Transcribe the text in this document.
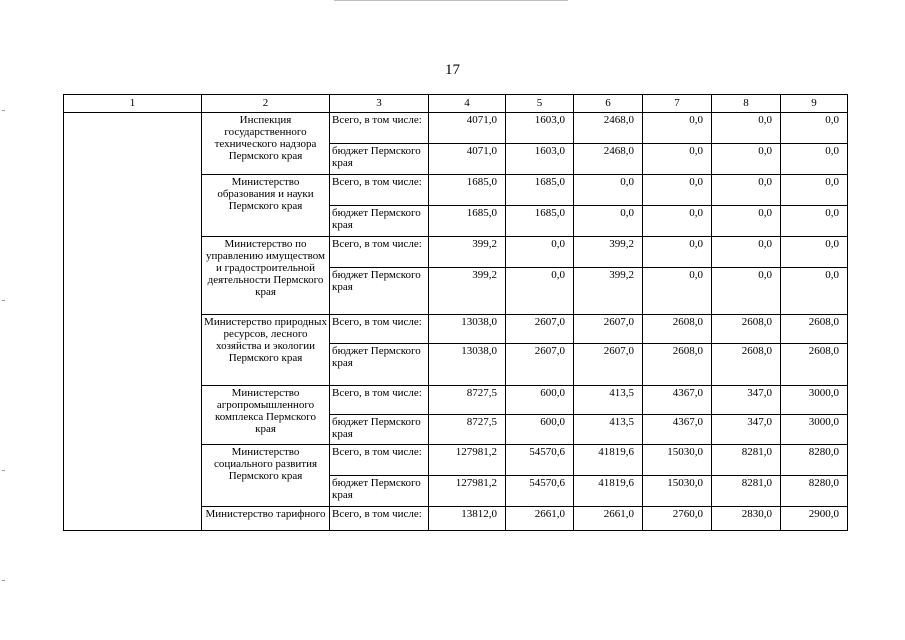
17
1	2	3	4	5	6	7	8	9
	Инспекция государственного технического надзора Пермского края	Всего, в том числе:	4071,0	1603,0	2468,0	0,0	0,0	0,0
		бюджет Пермского края	4071,0	1603,0	2468,0	0,0	0,0	0,0
	Министерство образования и науки Пермского края	Всего, в том числе:	1685,0	1685,0	0,0	0,0	0,0	0,0
		бюджет Пермского края	1685,0	1685,0	0,0	0,0	0,0	0,0
	Министерство по управлению имуществом и градостроительной деятельности Пермского края	Всего, в том числе:	399,2	0,0	399,2	0,0	0,0	0,0
		бюджет Пермского края	399,2	0,0	399,2	0,0	0,0	0,0
	Министерство природных ресурсов, лесного хозяйства и экологии Пермского края	Всего, в том числе:	13038,0	2607,0	2607,0	2608,0	2608,0	2608,0
		бюджет Пермского края	13038,0	2607,0	2607,0	2608,0	2608,0	2608,0
	Министерство агропромышленного комплекса Пермского края	Всего, в том числе:	8727,5	600,0	413,5	4367,0	347,0	3000,0
		бюджет Пермского края	8727,5	600,0	413,5	4367,0	347,0	3000,0
	Министерство социального развития Пермского края	Всего, в том числе:	127981,2	54570,6	41819,6	15030,0	8281,0	8280,0
		бюджет Пермского края	127981,2	54570,6	41819,6	15030,0	8281,0	8280,0
	Министерство тарифного	Всего, в том числе:	13812,0	2661,0	2661,0	2760,0	2830,0	2900,0
